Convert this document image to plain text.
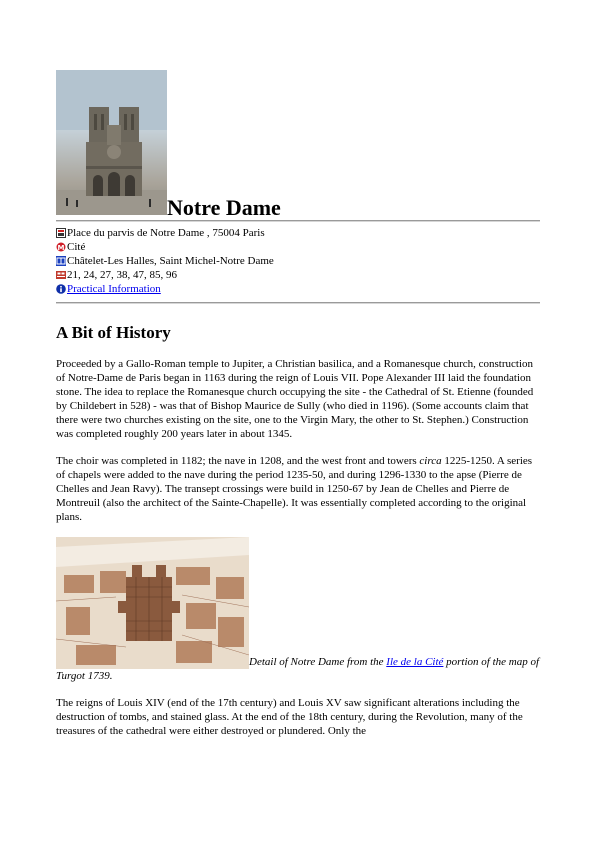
Notre Dame
Place du parvis de Notre Dame , 75004 Paris
M Cité
Châtelet-Les Halles, Saint Michel-Notre Dame
21, 24, 27, 38, 47, 85, 96
Practical Information
A Bit of History

Proceeded by a Gallo-Roman temple to Jupiter, a Christian basilica, and a Romanesque church, construction of Notre-Dame de Paris began in 1163 during the reign of Louis VII. Pope Alexander III laid the foundation stone. The idea to replace the Romanesque church occupying the site - the Cathedral of St. Etienne (founded by Childebert in 528) - was that of Bishop Maurice de Sully (who died in 1196). (Some accounts claim that there were two churches existing on the site, one to the Virgin Mary, the other to St. Stephen.) Construction was completed roughly 200 years later in about 1345.

The choir was completed in 1182; the nave in 1208, and the west front and towers circa 1225-1250. A series of chapels were added to the nave during the period 1235-50, and during 1296-1330 to the apse (Pierre de Chelles and Jean Ravy). The transept crossings were build in 1250-67 by Jean de Chelles and Pierre de Montreuil (also the architect of the Sainte-Chapelle). It was essentially completed according to the original plans.

Detail of Notre Dame from the Ile de la Cité portion of the map of Turgot 1739.

The reigns of Louis XIV (end of the 17th century) and Louis XV saw significant alterations including the destruction of tombs, and stained glass. At the end of the 18th century, during the Revolution, many of the treasures of the cathedral were either destroyed or plundered. Only the
